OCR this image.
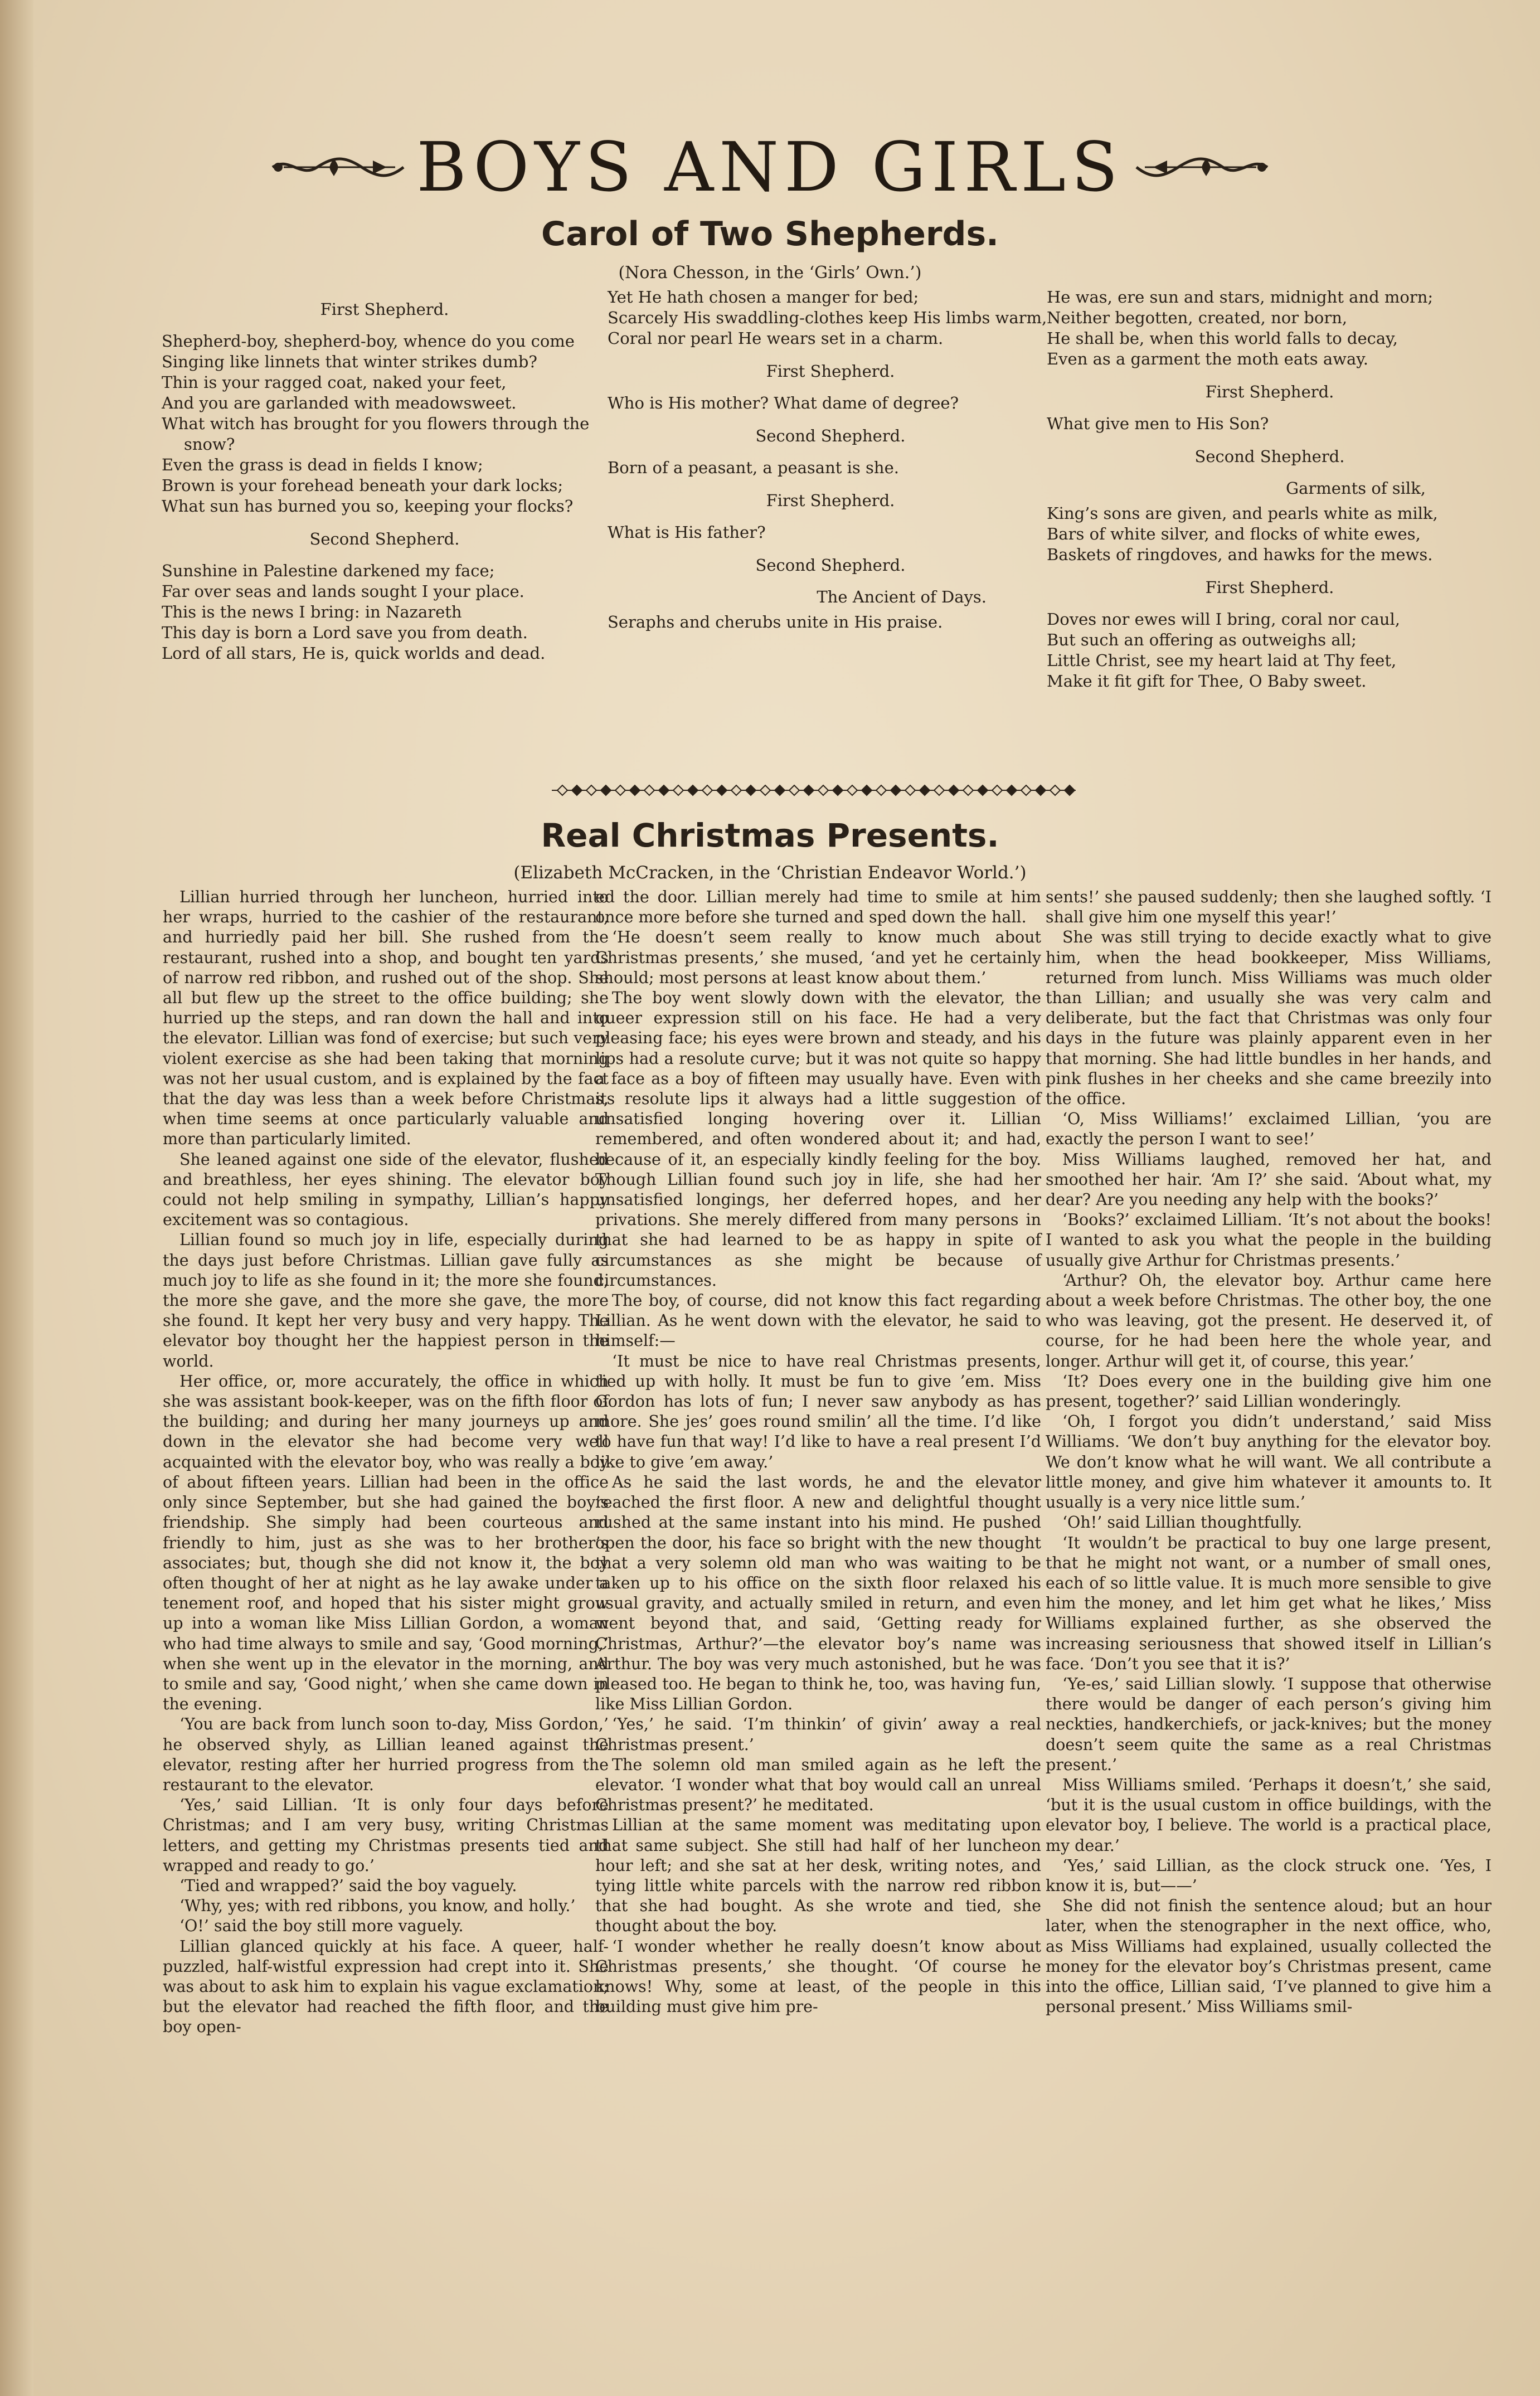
BOYS AND GIRLS
Carol of Two Shepherds.
(Nora Chesson, in the ‘Girls’ Own.’)
First Shepherd.
Shepherd-boy, shepherd-boy, whence do you come
Singing like linnets that winter strikes dumb?
Thin is your ragged coat, naked your feet,
And you are garlanded with meadowsweet.
What witch has brought for you flowers through the snow?
Even the grass is dead in fields I know;
Brown is your forehead beneath your dark locks;
What sun has burned you so, keeping your flocks?
Second Shepherd.
Sunshine in Palestine darkened my face;
Far over seas and lands sought I your place.
This is the news I bring: in Nazareth
This day is born a Lord save you from death.
Lord of all stars, He is, quick worlds and dead.
Yet He hath chosen a manger for bed;
Scarcely His swaddling-clothes keep His limbs warm,
Coral nor pearl He wears set in a charm.
First Shepherd.
Who is His mother? What dame of degree?
Second Shepherd.
Born of a peasant, a peasant is she.
First Shepherd.
What is His father?
Second Shepherd.
The Ancient of Days.
Seraphs and cherubs unite in His praise.
He was, ere sun and stars, midnight and morn;
Neither begotten, created, nor born,
He shall be, when this world falls to decay,
Even as a garment the moth eats away.
First Shepherd.
What give men to His Son?
Second Shepherd.
Garments of silk,
King’s sons are given, and pearls white as milk,
Bars of white silver, and flocks of white ewes,
Baskets of ringdoves, and hawks for the mews.
First Shepherd.
Doves nor ewes will I bring, coral nor caul,
But such an offering as outweighs all;
Little Christ, see my heart laid at Thy feet,
Make it fit gift for Thee, O Baby sweet.
Real Christmas Presents.
(Elizabeth McCracken, in the ‘Christian Endeavor World.’)

Lillian hurried through her luncheon, hurried into her wraps, hurried to the cashier of the restaurant, and hurriedly paid her bill. She rushed from the restaurant, rushed into a shop, and bought ten yards of narrow red ribbon, and rushed out of the shop. She all but flew up the street to the office building; she hurried up the steps, and ran down the hall and into the elevator. Lillian was fond of exercise; but such very violent exercise as she had been taking that morning was not her usual custom, and is explained by the fact that the day was less than a week before Christmas, when time seems at once particularly valuable and more than particularly limited.

She leaned against one side of the elevator, flushed and breathless, her eyes shining. The elevator boy could not help smiling in sympathy, Lillian’s happy excitement was so contagious.

Lillian found so much joy in life, especially during the days just before Christmas. Lillian gave fully as much joy to life as she found in it; the more she found, the more she gave, and the more she gave, the more she found. It kept her very busy and very happy. The elevator boy thought her the happiest person in the world.

Her office, or, more accurately, the office in which she was assistant book-keeper, was on the fifth floor of the building; and during her many journeys up and down in the elevator she had become very well acquainted with the elevator boy, who was really a boy of about fifteen years. Lillian had been in the office only since September, but she had gained the boy’s friendship. She simply had been courteous and friendly to him, just as she was to her brother’s associates; but, though she did not know it, the boy often thought of her at night as he lay awake under a tenement roof, and hoped that his sister might grow up into a woman like Miss Lillian Gordon, a woman who had time always to smile and say, ‘Good morning,’ when she went up in the elevator in the morning, and to smile and say, ‘Good night,’ when she came down in the evening.

‘You are back from lunch soon to-day, Miss Gordon,’ he observed shyly, as Lillian leaned against the elevator, resting after her hurried progress from the restaurant to the elevator.

‘Yes,’ said Lillian. ‘It is only four days before Christmas; and I am very busy, writing Christmas letters, and getting my Christmas presents tied and wrapped and ready to go.’

‘Tied and wrapped?’ said the boy vaguely.

‘Why, yes; with red ribbons, you know, and holly.’

‘O!’ said the boy still more vaguely.

Lillian glanced quickly at his face. A queer, half-puzzled, half-wistful expression had crept into it. She was about to ask him to explain his vague exclamation; but the elevator had reached the fifth floor, and the boy open-

ed the door. Lillian merely had time to smile at him once more before she turned and sped down the hall.

‘He doesn’t seem really to know much about Christmas presents,’ she mused, ‘and yet he certainly should; most persons at least know about them.’

The boy went slowly down with the elevator, the queer expression still on his face. He had a very pleasing face; his eyes were brown and steady, and his lips had a resolute curve; but it was not quite so happy a face as a boy of fifteen may usually have. Even with its resolute lips it always had a little suggestion of unsatisfied longing hovering over it. Lillian remembered, and often wondered about it; and had, because of it, an especially kindly feeling for the boy. Though Lillian found such joy in life, she had her unsatisfied longings, her deferred hopes, and her privations. She merely differed from many persons in that she had learned to be as happy in spite of circumstances as she might be because of circumstances.

The boy, of course, did not know this fact regarding Lillian. As he went down with the elevator, he said to himself:—

‘It must be nice to have real Christmas presents, tied up with holly. It must be fun to give ’em. Miss Gordon has lots of fun; I never saw anybody as has more. She jes’ goes round smilin’ all the time. I’d like to have fun that way! I’d like to have a real present I’d like to give ’em away.’

As he said the last words, he and the elevator reached the first floor. A new and delightful thought rushed at the same instant into his mind. He pushed open the door, his face so bright with the new thought that a very solemn old man who was waiting to be taken up to his office on the sixth floor relaxed his usual gravity, and actually smiled in return, and even went beyond that, and said, ‘Getting ready for Christmas, Arthur?’—the elevator boy’s name was Arthur. The boy was very much astonished, but he was pleased too. He began to think he, too, was having fun, like Miss Lillian Gordon.

‘Yes,’ he said. ‘I’m thinkin’ of givin’ away a real Christmas present.’

The solemn old man smiled again as he left the elevator. ‘I wonder what that boy would call an unreal Christmas present?’ he meditated.

Lillian at the same moment was meditating upon that same subject. She still had half of her luncheon hour left; and she sat at her desk, writing notes, and tying little white parcels with the narrow red ribbon that she had bought. As she wrote and tied, she thought about the boy.

‘I wonder whether he really doesn’t know about Christmas presents,’ she thought. ‘Of course he knows! Why, some at least, of the people in this building must give him pre-

sents!’ she paused suddenly; then she laughed softly. ‘I shall give him one myself this year!’

She was still trying to decide exactly what to give him, when the head bookkeeper, Miss Williams, returned from lunch. Miss Williams was much older than Lillian; and usually she was very calm and deliberate, but the fact that Christmas was only four days in the future was plainly apparent even in her that morning. She had little bundles in her hands, and pink flushes in her cheeks and she came breezily into the office.

‘O, Miss Williams!’ exclaimed Lillian, ‘you are exactly the person I want to see!’

Miss Williams laughed, removed her hat, and smoothed her hair. ‘Am I?’ she said. ‘About what, my dear? Are you needing any help with the books?’

‘Books?’ exclaimed Lilliam. ‘It’s not about the books! I wanted to ask you what the people in the building usually give Arthur for Christmas presents.’

‘Arthur? Oh, the elevator boy. Arthur came here about a week before Christmas. The other boy, the one who was leaving, got the present. He deserved it, of course, for he had been here the whole year, and longer. Arthur will get it, of course, this year.’

‘It? Does every one in the building give him one present, together?’ said Lillian wonderingly.

‘Oh, I forgot you didn’t understand,’ said Miss Williams. ‘We don’t buy anything for the elevator boy. We don’t know what he will want. We all contribute a little money, and give him whatever it amounts to. It usually is a very nice little sum.’

‘Oh!’ said Lillian thoughtfully.

‘It wouldn’t be practical to buy one large present, that he might not want, or a number of small ones, each of so little value. It is much more sensible to give him the money, and let him get what he likes,’ Miss Williams explained further, as she observed the increasing seriousness that showed itself in Lillian’s face. ‘Don’t you see that it is?’

‘Ye-es,’ said Lillian slowly. ‘I suppose that otherwise there would be danger of each person’s giving him neckties, handkerchiefs, or jack-knives; but the money doesn’t seem quite the same as a real Christmas present.’

Miss Williams smiled. ‘Perhaps it doesn’t,’ she said, ‘but it is the usual custom in office buildings, with the elevator boy, I believe. The world is a practical place, my dear.’

‘Yes,’ said Lillian, as the clock struck one. ‘Yes, I know it is, but——’

She did not finish the sentence aloud; but an hour later, when the stenographer in the next office, who, as Miss Williams had explained, usually collected the money for the elevator boy’s Christmas present, came into the office, Lillian said, ‘I’ve planned to give him a personal present.’ Miss Williams smil-
